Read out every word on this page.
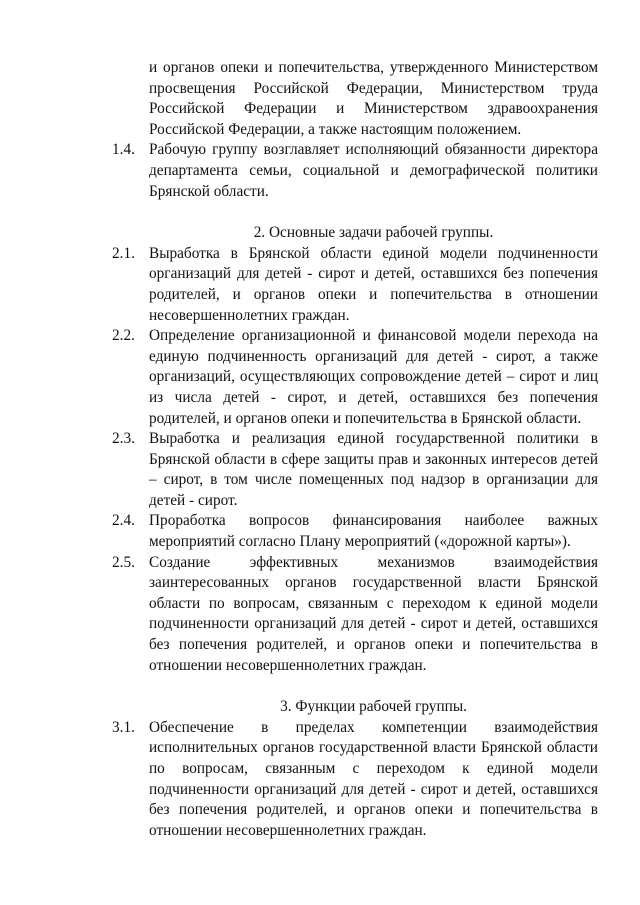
и органов опеки и попечительства, утвержденного Министерством просвещения Российской Федерации, Министерством труда Российской Федерации и Министерством здравоохранения Российской Федерации, а также настоящим положением.
1.4. Рабочую группу возглавляет исполняющий обязанности директора департамента семьи, социальной и демографической политики Брянской области.
2. Основные задачи рабочей группы.
2.1. Выработка в Брянской области единой модели подчиненности организаций для детей - сирот и детей, оставшихся без попечения родителей, и органов опеки и попечительства в отношении несовершеннолетних граждан.
2.2. Определение организационной и финансовой модели перехода на единую подчиненность организаций для детей - сирот, а также организаций, осуществляющих сопровождение детей – сирот и лиц из числа детей - сирот, и детей, оставшихся без попечения родителей, и органов опеки и попечительства в Брянской области.
2.3. Выработка и реализация единой государственной политики в Брянской области в сфере защиты прав и законных интересов детей – сирот, в том числе помещенных под надзор в организации для детей - сирот.
2.4. Проработка вопросов финансирования наиболее важных мероприятий согласно Плану мероприятий («дорожной карты»).
2.5. Создание эффективных механизмов взаимодействия заинтересованных органов государственной власти Брянской области по вопросам, связанным с переходом к единой модели подчиненности организаций для детей - сирот и детей, оставшихся без попечения родителей, и органов опеки и попечительства в отношении несовершеннолетних граждан.
3. Функции рабочей группы.
3.1. Обеспечение в пределах компетенции взаимодействия исполнительных органов государственной власти Брянской области по вопросам, связанным с переходом к единой модели подчиненности организаций для детей - сирот и детей, оставшихся без попечения родителей, и органов опеки и попечительства в отношении несовершеннолетних граждан.
